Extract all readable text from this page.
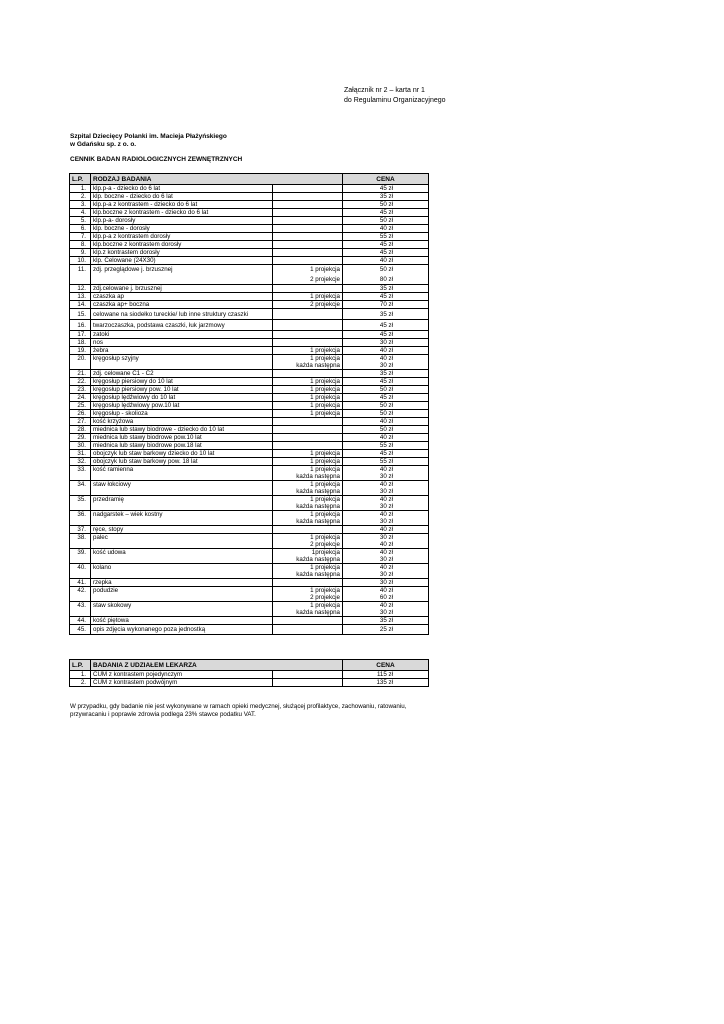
Załącznik nr 2 – karta nr 1
do Regulaminu Organizacyjnego
Szpital Dziecięcy Polanki im. Macieja Płażyńskiego
w Gdańsku sp. z o. o.
CENNIK BADAN RADIOLOGICZNYCH ZEWNĘTRZNYCH
L.P.	RODZAJ BADANIA		CENA
1.	klp.p-a - dziecko do 6 lat		45 zł
2.	klp. boczne - dziecko do 6 lat		35 zł
3.	klp.p-a z kontrastem - dziecko do 6 lat		50 zł
4.	klp.boczne z kontrastem - dziecko do 6 lat		45 zł
5.	klp.p-a- dorosły		50 zł
6.	klp. boczne - dorosły		40 zł
7.	klp.p-a z kontrastem dorosły		55 zł
8.	klp.boczne z kontrastem dorosły		45 zł
9.	klp.z kontrastem dorosły		45 zł
10.	klp. Celowane (24X30)		40 zł
11.	zdj. przeglądowe j. brzusznej	1 projekcja	50 zł
		2 projekcje	80 zł
12.	zdj.celowane j. brzusznej		35 zł
13.	czaszka ap	1 projekcja	45 zł
14.	czaszka ap+ boczna	2 projekcje	70 zł
15.	celowane na siodełko tureckie/ lub inne struktury czaszki		35 zł
16.	twarzoczaszka, podstawa czaszki, łuk jarzmowy		45 zł
17.	zatoki		45 zł
18.	nos		30 zł
19.	żebra	1 projekcja	40 zł
20.	kręgosłup szyjny	1 projekcja	40 zł
		każda następna	30 zł
21.	zdj. celowane C1 - C2		35 zł
22.	kręgosłup piersiowy do 10 lat	1 projekcja	45 zł
23.	kręgosłup piersiowy pow. 10 lat	1 projekcja	50 zł
24.	kręgosłup lędźwiowy do 10 lat	1 projekcja	45 zł
25.	kręgosłup lędźwiowy pow.10 lat	1 projekcja	50 zł
26.	kręgosłup - skolioza	1 projekcja	50 zł
27.	kość krzyżowa		40 zł
28.	miednica lub stawy biodrowe - dziecko do 10 lat		50 zł
29.	miednica lub stawy biodrowe pow.10 lat		40 zł
30.	miednica lub stawy biodrowe pow.18 lat		55 zł
31.	obojczyk lub staw barkowy dziecko do 10 lat	1 projekcja	45 zł
32.	obojczyk lub staw barkowy pow. 18 lat	1 projekcja	55 zł
33.	kość ramienna	1 projekcja	40 zł
		każda następna	30 zł
34.	staw łokciowy	1 projekcja	40 zł
		każda następna	30 zł
35.	przedramię	1 projekcja	40 zł
		każda następna	30 zł
36.	nadgarstek – wiek kostny	1 projekcja	40 zł
		każda następna	30 zł
37.	ręce, stopy		40 zł
38.	palec	1 projekcja	30 zł
		2 projekcje	40 zł
39.	kość udowa	1projekcja	40 zł
		każda następna	30 zł
40.	kolano	1 projekcja	40 zł
		każda następna	30 zł
41.	rzepka		30 zł
42.	podudzie	1 projekcja	40 zł
		2 projekcje	60 zł
43.	staw skokowy	1 projekcja	40 zł
		każda następna	30 zł
44.	kość piętowa		35 zł
45.	opis zdjęcia wykonanego poza jednostką		25 zł
L.P.	BADANIA Z UDZIAŁEM LEKARZA		CENA
1.	CUM z kontrastem pojedynczym		115 zł
2.	CUM z kontrastem podwójnym		135 zł
W przypadku, gdy badanie nie jest wykonywane w ramach opieki medycznej, służącej profilaktyce, zachowaniu, ratowaniu, przywracaniu i poprawie zdrowia podlega 23% stawce podatku VAT.
